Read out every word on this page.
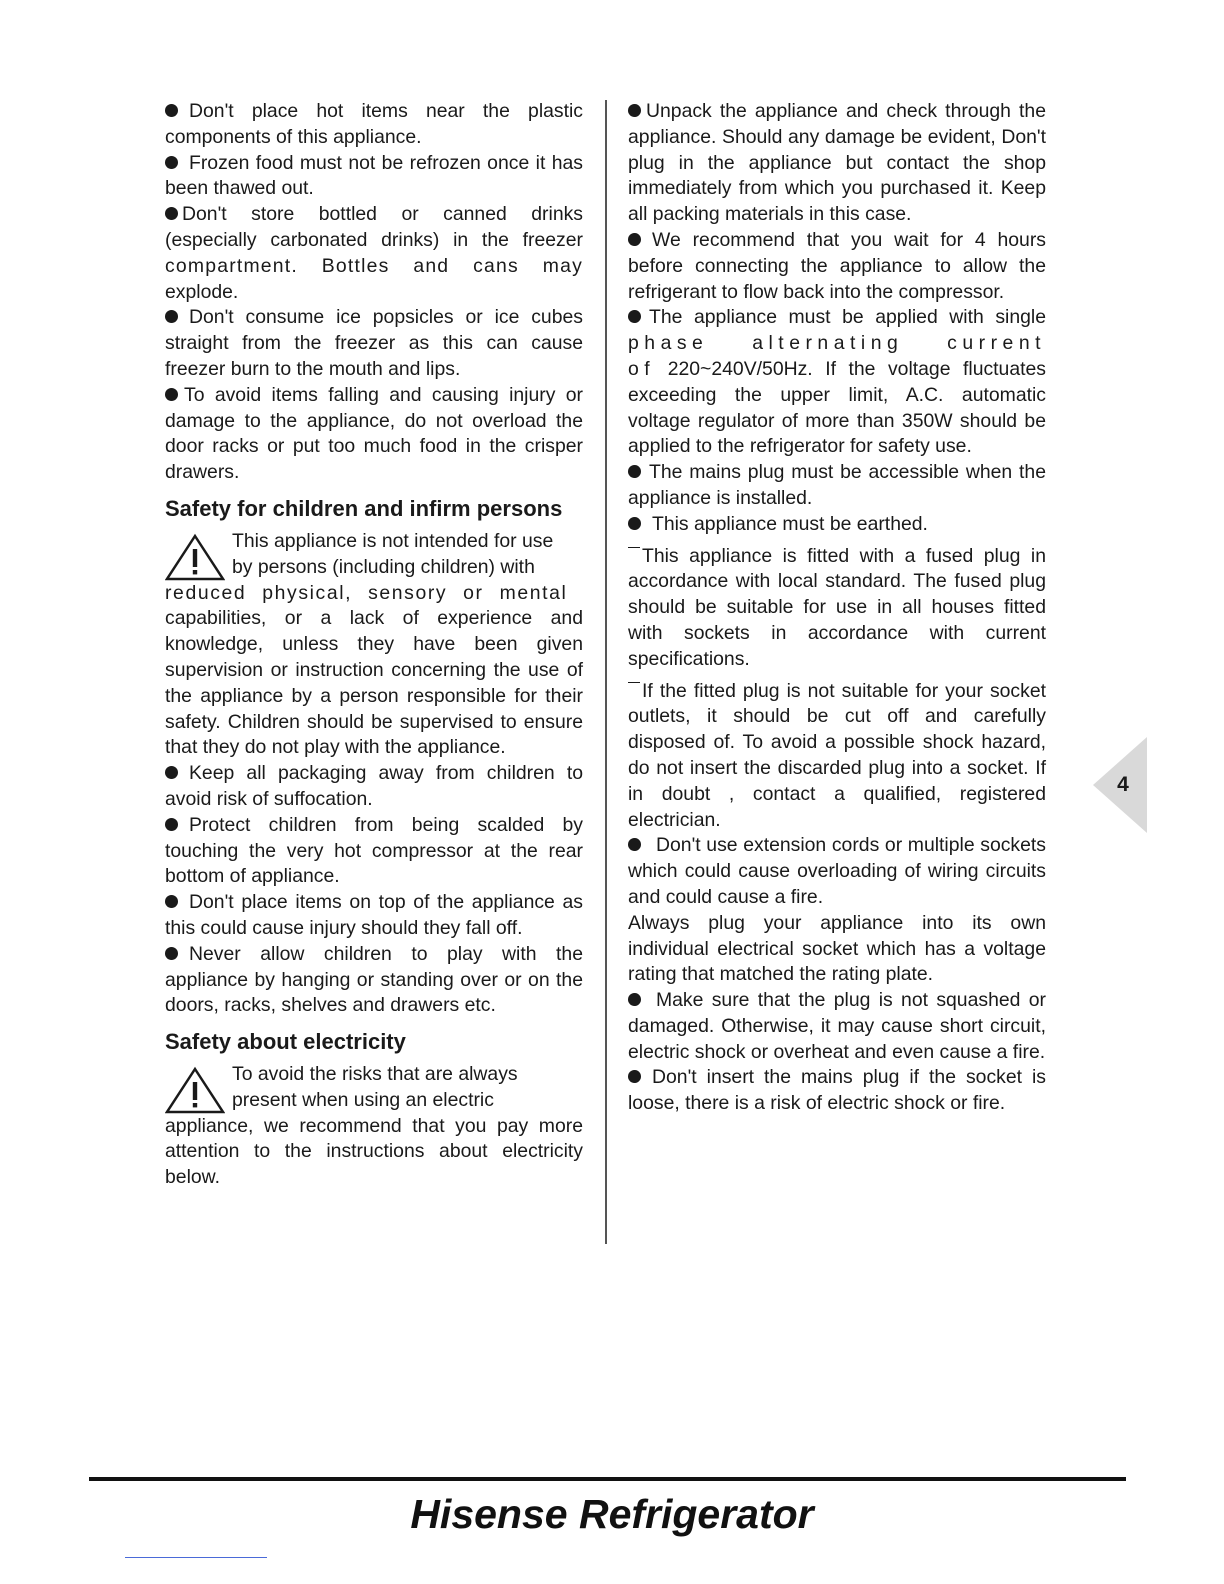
Don't place hot items near the plastic components of this appliance.

Frozen food must not be refrozen once it has been thawed out.

Don't store bottled or canned drinks (especially carbonated drinks) in the freezer compartment. Bottles and cans may explode.

Don't consume ice popsicles or ice cubes straight from the freezer as this can cause freezer burn to the mouth and lips.

To avoid items falling and causing injury or damage to the appliance, do not overload the door racks or put too much food in the crisper drawers.

Safety for children and infirm persons
This appliance is not intended for use
by persons (including children) with
reduced physical, sensory or mental
capabilities, or a lack of experience and knowledge, unless they have been given supervision or instruction concerning the use of the appliance by a person responsible for their safety. Children should be supervised to ensure that they do not play with the appliance.

Keep all packaging away from children to avoid risk of suffocation.

Protect children from being scalded by touching the very hot compressor at the rear bottom of appliance.

Don't place items on top of the appliance as this could cause injury should they fall off.

Never allow children to play with the appliance by hanging or standing over or on the doors, racks, shelves and drawers etc.

Safety about electricity
To avoid the risks that are always
present when using an electric
appliance, we recommend that you pay more attention to the instructions about electricity below.

Unpack the appliance and check through the appliance. Should any damage be evident, Don't plug in the appliance but contact the shop immediately from which you purchased it. Keep all packing materials in this case.

We recommend that you wait for 4 hours before connecting the appliance to allow the refrigerant to flow back into the compressor.

The appliance must be applied with single phase alternating current of 220~240V/50Hz. If the voltage fluctuates exceeding the upper limit, A.C. automatic voltage regulator of more than 350W should be applied to the refrigerator for safety use.

The mains plug must be accessible when the appliance is installed.

This appliance must be earthed.

This appliance is fitted with a fused plug in accordance with local standard. The fused plug should be suitable for use in all houses fitted with sockets in accordance with current specifications.

If the fitted plug is not suitable for your socket outlets, it should be cut off and carefully disposed of. To avoid a possible shock hazard, do not insert the discarded plug into a socket. If in doubt , contact a qualified, registered electrician.

Don't use extension cords or multiple sockets which could cause overloading of wiring circuits and could cause a fire.

Always plug your appliance into its own individual electrical socket which has a voltage rating that matched the rating plate.

Make sure that the plug is not squashed or damaged. Otherwise, it may cause short circuit, electric shock or overheat and even cause a fire.

Don't insert the mains plug if the socket is loose, there is a risk of electric shock or fire.

4
Hisense Refrigerator
